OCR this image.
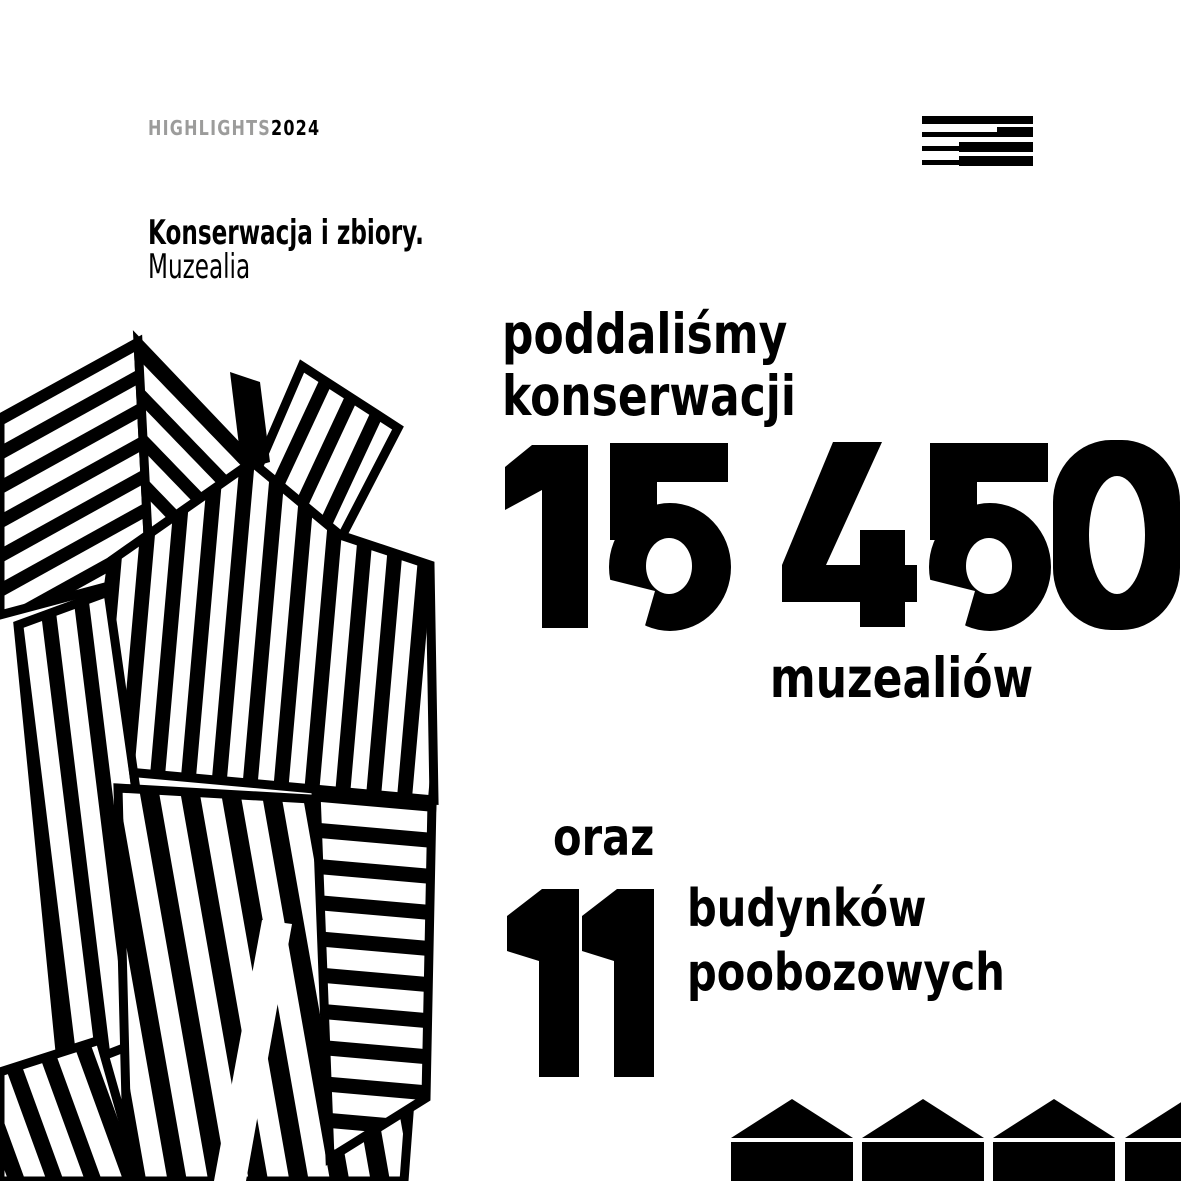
HIGHLIGHTS2024
Konserwacja i zbiory.
Muzealia
poddaliśmy
konserwacji
muzealiów
oraz
budynków
poobozowych
